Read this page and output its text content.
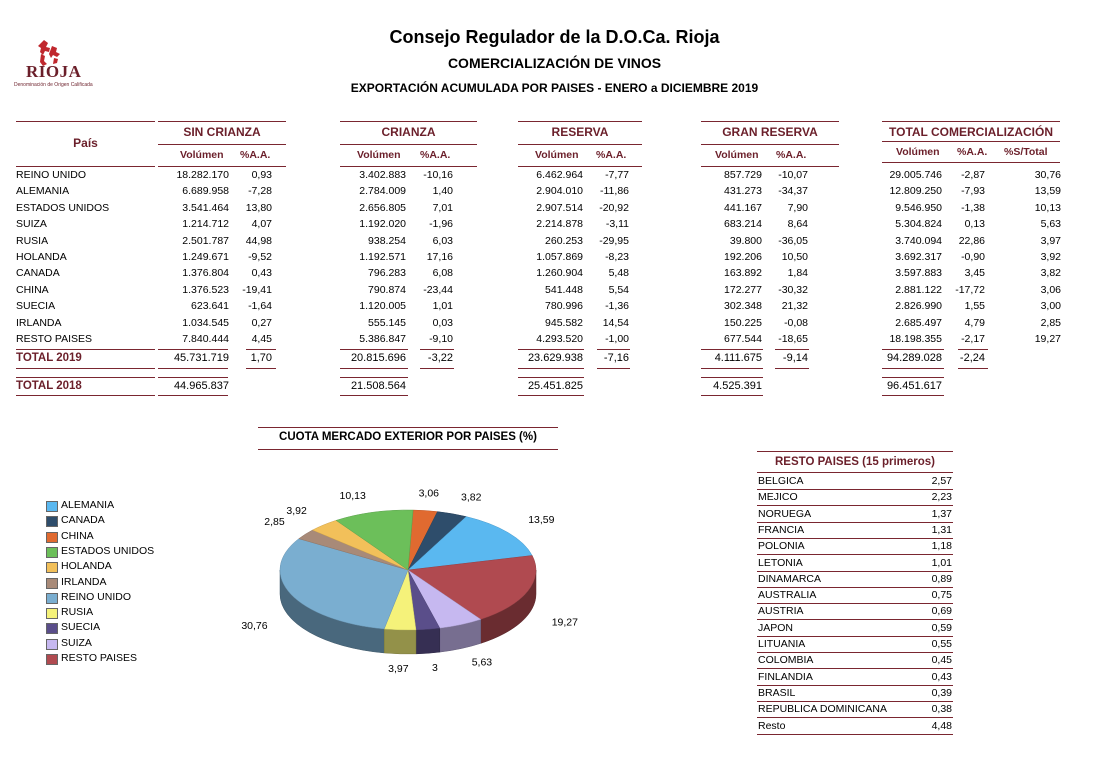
RIOJA
Denominación de Origen Calificada
Consejo Regulador de la D.O.Ca. Rioja
COMERCIALIZACIÓN DE VINOS
EXPORTACIÓN ACUMULADA POR PAISES - ENERO a DICIEMBRE 2019
País
SIN CRIANZA
Volúmen %A.A.
CRIANZA
Volúmen %A.A.
RESERVA
Volúmen %A.A.
GRAN RESERVA
Volúmen %A.A.
TOTAL COMERCIALIZACIÓN
Volúmen %A.A. %S/Total
REINO UNIDO	18.282.170 0,93	3.402.883 -10,16	6.462.964 -7,77	857.729 -10,07	29.005.746 -2,87	30,76
ALEMANIA	6.689.958 -7,28	2.784.009	1,40	2.904.010 -11,86	431.273 -34,37	12.809.250 -7,93	13,59
ESTADOS UNIDOS	3.541.464 13,80	2.656.805	7,01	2.907.514 -20,92	441.167 7,90	9.546.950 -1,38	10,13
SUIZA	1.214.712 4,07	1.192.020 -1,96	2.214.878 -3,11	683.214 8,64	5.304.824 0,13	5,63
RUSIA	2.501.787 44,98	938.254	6,03	260.253 -29,95	39.800 -36,05	3.740.094 22,86	3,97
HOLANDA	1.249.671 -9,52	1.192.571 17,16	1.057.869 -8,23	192.206 10,50	3.692.317 -0,90	3,92
CANADA	1.376.804 0,43	796.283	6,08	1.260.904 5,48	163.892 1,84	3.597.883 3,45	3,82
CHINA	1.376.523 -19,41	790.874 -23,44	541.448 5,54	172.277 -30,32	2.881.122 -17,72	3,06
SUECIA	623.641 -1,64	1.120.005	1,01	780.996 -1,36	302.348 21,32	2.826.990 1,55	3,00
IRLANDA	1.034.545 0,27	555.145	0,03	945.582 14,54	150.225 -0,08	2.685.497 4,79	2,85
RESTO PAISES	7.840.444 4,45	5.386.847 -9,10	4.293.520 -1,00	677.544 -18,65	18.198.355 -2,17	19,27
TOTAL 2019	45.731.719 1,70	20.815.696 -3,22	23.629.938 -7,16	4.111.675 -9,14	94.289.028 -2,24
TOTAL 2018	44.965.837	21.508.564	25.451.825	4.525.391	96.451.617
CUOTA MERCADO EXTERIOR POR PAISES (%)
ALEMANIA
CANADA
CHINA
ESTADOS UNIDOS
HOLANDA
IRLANDA
REINO UNIDO
RUSIA
SUECIA
SUIZA
RESTO PAISES
3,06 3,82
13,59
19,27
5,63
3
3,97
30,76
2,85
3,92
10,13
RESTO PAISES (15 primeros)
BELGICA	2,57
MEJICO	2,23
NORUEGA	1,37
FRANCIA	1,31
POLONIA	1,18
LETONIA	1,01
DINAMARCA	0,89
AUSTRALIA	0,75
AUSTRIA	0,69
JAPON	0,59
LITUANIA	0,55
COLOMBIA	0,45
FINLANDIA	0,43
BRASIL	0,39
REPUBLICA DOMINICANA	0,38
Resto	4,48
